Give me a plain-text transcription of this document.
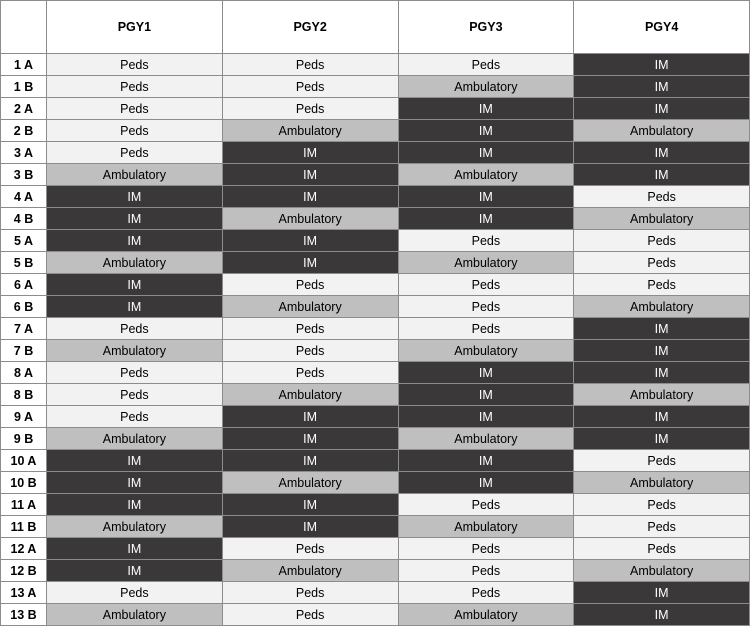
	PGY1	PGY2	PGY3	PGY4
1 A	Peds	Peds	Peds	IM
1 B	Peds	Peds	Ambulatory	IM
2 A	Peds	Peds	IM	IM
2 B	Peds	Ambulatory	IM	Ambulatory
3 A	Peds	IM	IM	IM
3 B	Ambulatory	IM	Ambulatory	IM
4 A	IM	IM	IM	Peds
4 B	IM	Ambulatory	IM	Ambulatory
5 A	IM	IM	Peds	Peds
5 B	Ambulatory	IM	Ambulatory	Peds
6 A	IM	Peds	Peds	Peds
6 B	IM	Ambulatory	Peds	Ambulatory
7 A	Peds	Peds	Peds	IM
7 B	Ambulatory	Peds	Ambulatory	IM
8 A	Peds	Peds	IM	IM
8 B	Peds	Ambulatory	IM	Ambulatory
9 A	Peds	IM	IM	IM
9 B	Ambulatory	IM	Ambulatory	IM
10 A	IM	IM	IM	Peds
10 B	IM	Ambulatory	IM	Ambulatory
11 A	IM	IM	Peds	Peds
11 B	Ambulatory	IM	Ambulatory	Peds
12 A	IM	Peds	Peds	Peds
12 B	IM	Ambulatory	Peds	Ambulatory
13 A	Peds	Peds	Peds	IM
13 B	Ambulatory	Peds	Ambulatory	IM
